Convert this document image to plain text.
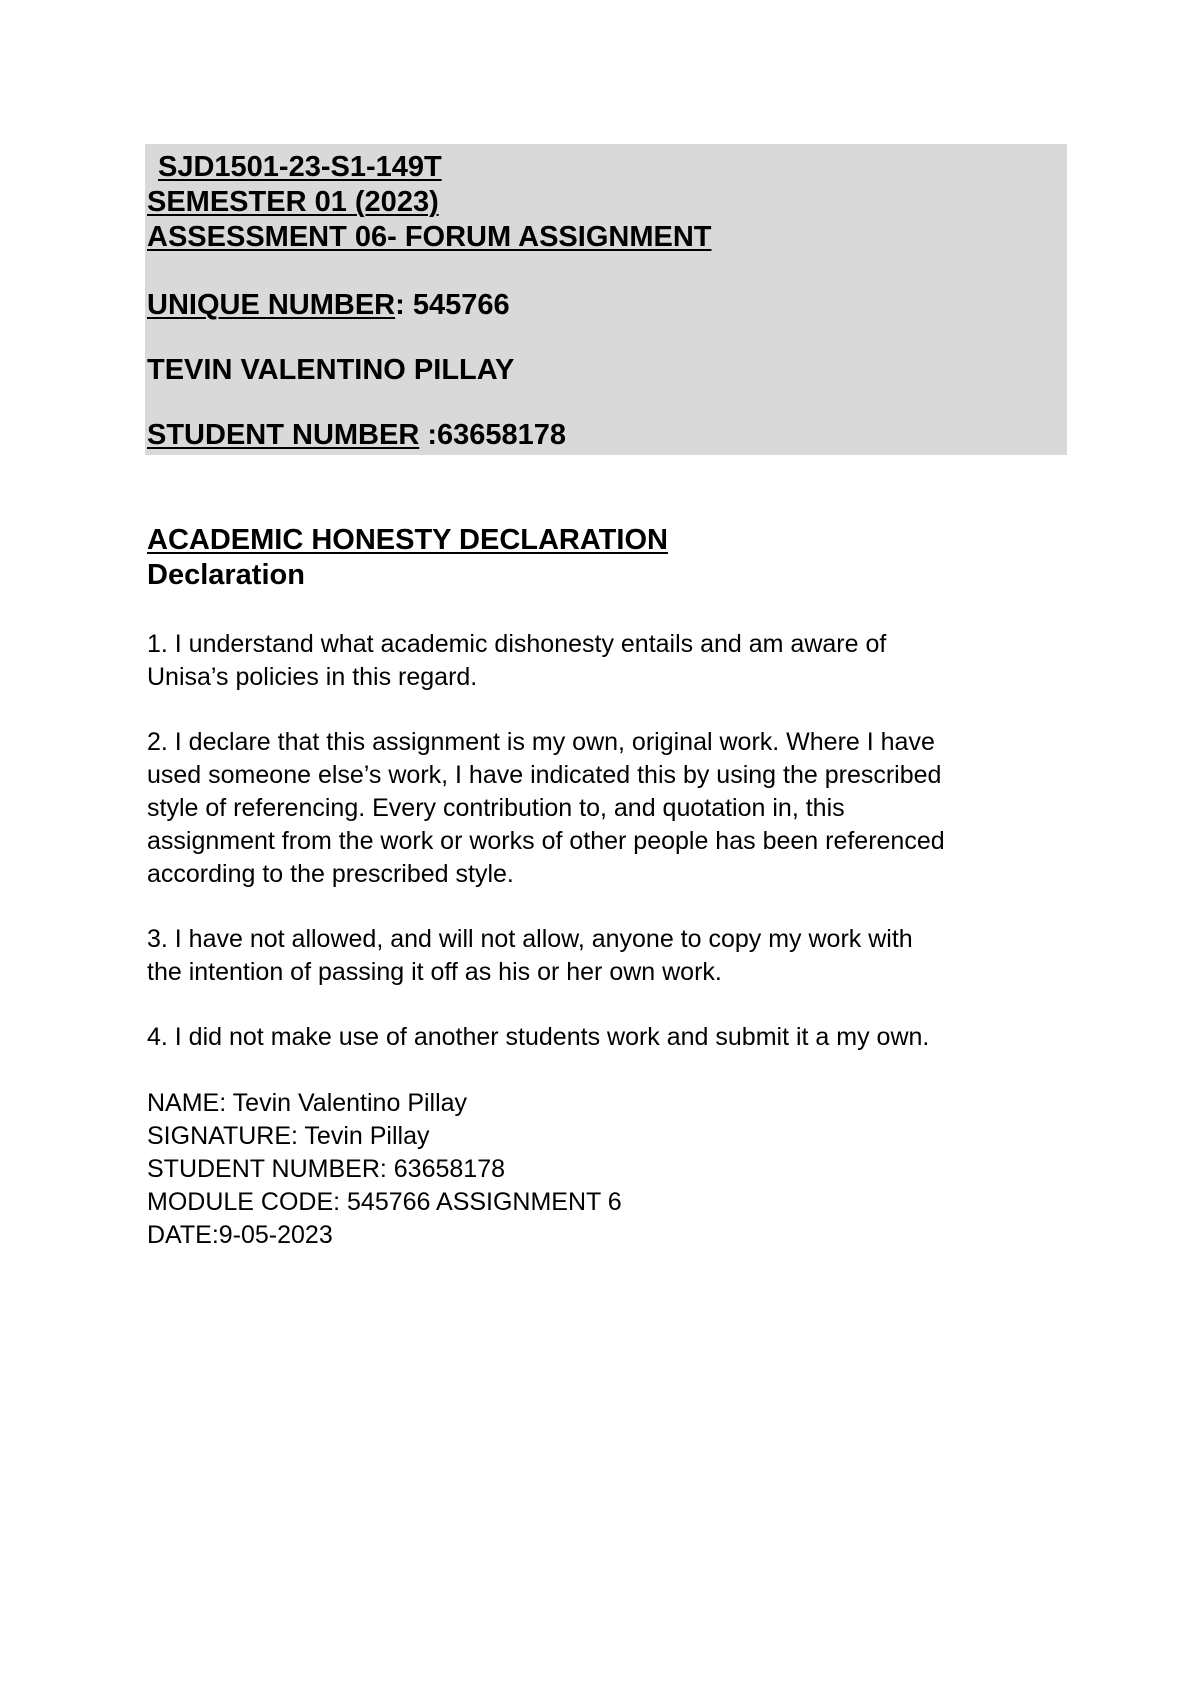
SJD1501-23-S1-149T

SEMESTER 01 (2023)

ASSESSMENT 06- FORUM ASSIGNMENT

UNIQUE NUMBER: 545766

TEVIN VALENTINO PILLAY

STUDENT NUMBER :63658178

ACADEMIC HONESTY DECLARATION

Declaration

1. I understand what academic dishonesty entails and am aware of
Unisa’s policies in this regard.
2. I declare that this assignment is my own, original work. Where I have
used someone else’s work, I have indicated this by using the prescribed
style of referencing. Every contribution to, and quotation in, this
assignment from the work or works of other people has been referenced
according to the prescribed style.
3. I have not allowed, and will not allow, anyone to copy my work with
the intention of passing it off as his or her own work.
4. I did not make use of another students work and submit it a my own.
NAME: Tevin Valentino Pillay
SIGNATURE: Tevin Pillay
STUDENT NUMBER: 63658178
MODULE CODE: 545766 ASSIGNMENT 6
DATE:9-05-2023
